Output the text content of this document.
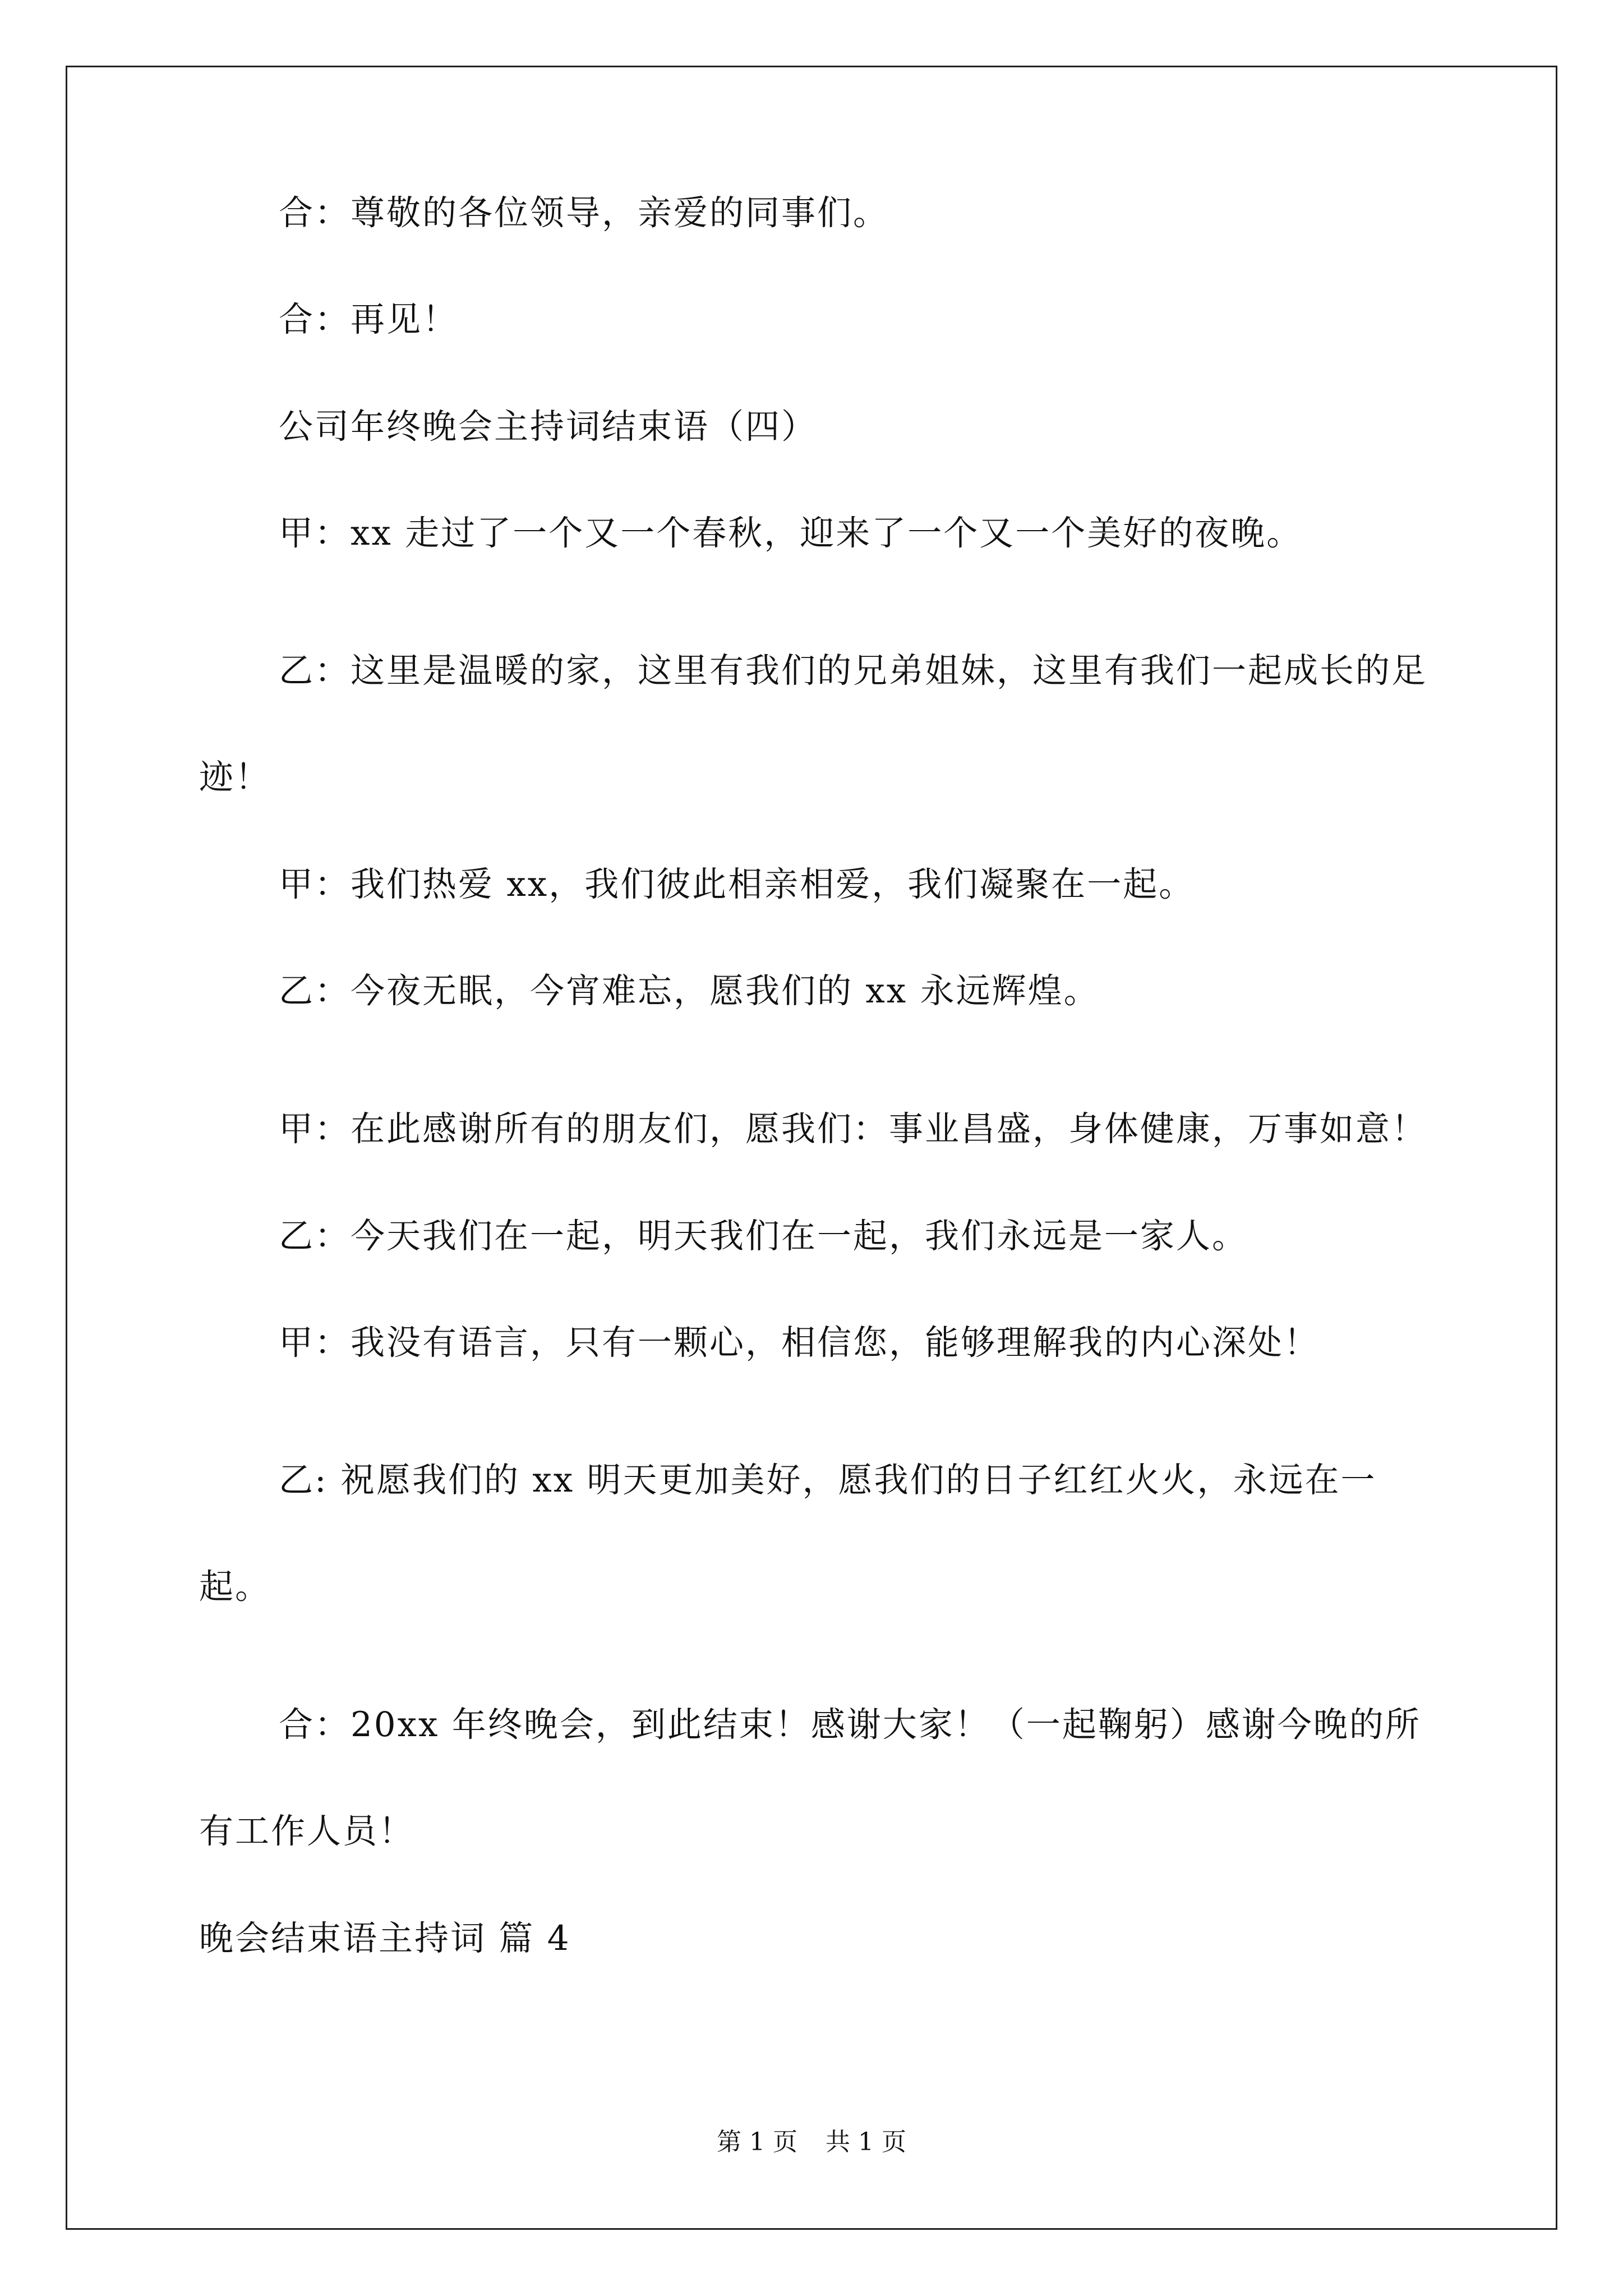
合：尊敬的各位领导，亲爱的同事们。

合：再见！

公司年终晚会主持词结束语（四）

甲：xx 走过了一个又一个春秋，迎来了一个又一个美好的夜晚。

乙：这里是温暖的家，这里有我们的兄弟姐妹，这里有我们一起成长的足迹！

甲：我们热爱 xx，我们彼此相亲相爱，我们凝聚在一起。

乙：今夜无眠，今宵难忘，愿我们的 xx 永远辉煌。

甲：在此感谢所有的朋友们，愿我们：事业昌盛，身体健康，万事如意！

乙：今天我们在一起，明天我们在一起，我们永远是一家人。

甲：我没有语言，只有一颗心，相信您，能够理解我的内心深处！

乙: 祝愿我们的 xx 明天更加美好，愿我们的日子红红火火，永远在一起。

合：20xx 年终晚会，到此结束！感谢大家！（一起鞠躬）感谢今晚的所有工作人员！

晚会结束语主持词 篇 4

第 1 页 共 1 页
